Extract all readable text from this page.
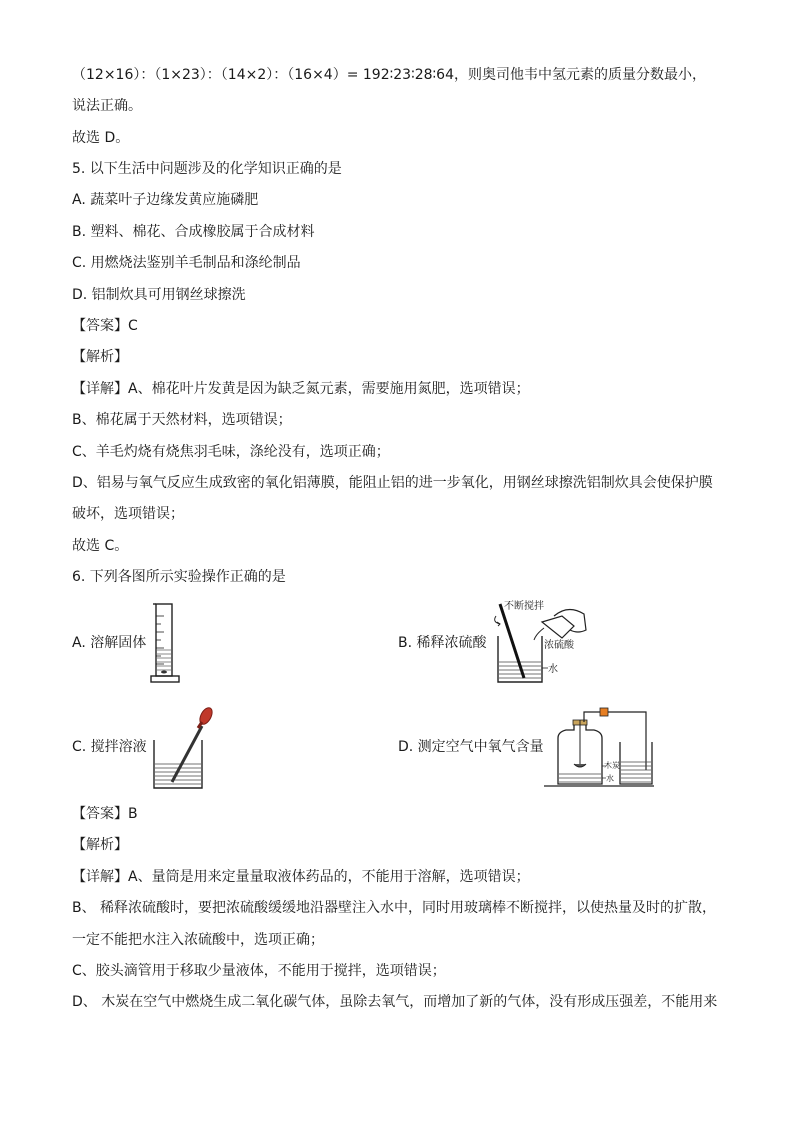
（12×16）：（1×23）：（14×2）：（16×4）= 192∶23∶28∶64，则奥司他韦中氢元素的质量分数最小，
说法正确。
故选 D。
5. 以下生活中问题涉及的化学知识正确的是
A. 蔬菜叶子边缘发黄应施磷肥
B. 塑料、棉花、合成橡胶属于合成材料
C. 用燃烧法鉴别羊毛制品和涤纶制品
D. 铝制炊具可用钢丝球擦洗
【答案】C
【解析】
【详解】A、棉花叶片发黄是因为缺乏氮元素，需要施用氮肥，选项错误；
B、棉花属于天然材料，选项错误；
C、羊毛灼烧有烧焦羽毛味，涤纶没有，选项正确；
D、铝易与氧气反应生成致密的氧化铝薄膜，能阻止铝的进一步氧化，用钢丝球擦洗铝制炊具会使保护膜
破坏，选项错误；
故选 C。
6. 下列各图所示实验操作正确的是
A. 溶解固体	B. 稀释浓硫酸
不断搅拌
浓硫酸
水
C. 搅拌溶液	D. 测定空气中氧气含量
木炭
水
【答案】B
【解析】
【详解】A、量筒是用来定量量取液体药品的，不能用于溶解，选项错误；
B、 稀释浓硫酸时，要把浓硫酸缓缓地沿器壁注入水中，同时用玻璃棒不断搅拌，以使热量及时的扩散，
一定不能把水注入浓硫酸中，选项正确；
C、胶头滴管用于移取少量液体，不能用于搅拌，选项错误；
D、 木炭在空气中燃烧生成二氧化碳气体，虽除去氧气，而增加了新的气体，没有形成压强差，不能用来
